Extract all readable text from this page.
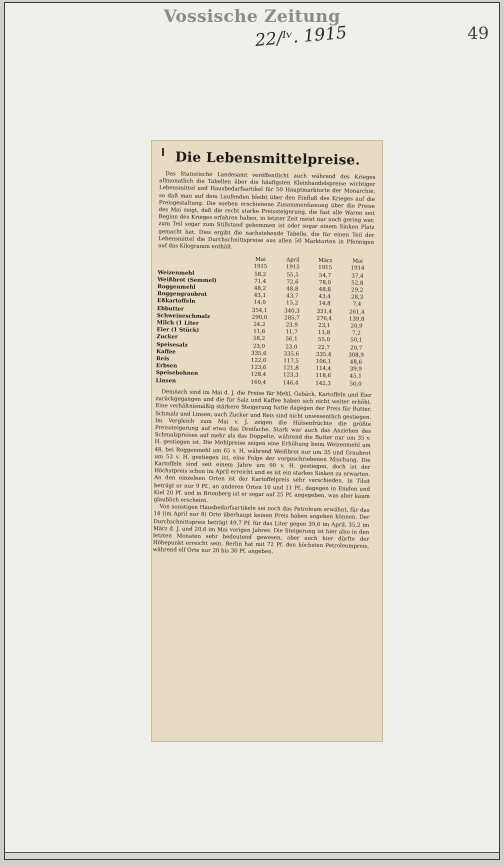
Vossische Zeitung
22/ᴵᵛ. 1915	49
Die Lebensmittelpreise.

Das Statistische Landesamt veröffentlicht auch während des Krieges allmonatlich die Tabellen über die häufigsten Kleinhandelspreise wichtiger Lebensmittel und Hausbedarfsartikel für 50 Hauptmarktorte der Monarchie, so daß man auf dem Laufenden bleibt über den Einfluß des Krieges auf die Preisgestaltung. Die soeben erschienene Zusammenfassung über die Preise des Mai zeigt, daß die recht starke Preissteigerung, die fast alle Waren seit Beginn des Krieges erfahren haben, in letzter Zeit meist nur noch gering war, zum Teil sogar zum Stillstand gekommen ist oder sogar einem Sinken Platz gemacht hat. Dies ergibt die nachstehende Tabelle, die für einen Teil der Lebensmittel die Durchschnittspreise aus allen 50 Marktorten in Pfennigen auf das Kilogramm enthält.

	Mai	April	März	Mai
	1915	1915	1915	1914
Weizenmehl	58,2	55,5	54,7	37,4
Weißbrot (Semmel)	71,4	72,6	78,0	52,8
Roggenmehl	48,2	48,8	48,8	29,2
Roggengraubrot	43,1	43,7	43,4	28,3
Eßkartoffeln	14,0	15,2	14,8	7,4
Ebbutter	354,1	340,3	331,4	261,4
Schweineschmalz	290,0	285,7	276,4	139,8
Milch (1 Liter	24,2	23,9	23,1	20,9
Eier (1 Stück)	11,6	11,7	11,8	7,2
Zucker	58,2	56,1	55,0	50,1
Speisesalz	23,0	23,0	22,7	20,7
Kaffee	335,6	335,6	335,4	308,9
Reis	122,0	117,5	106,1	48,6
Erbsen	123,6	121,8	114,4	39,9
Speisebohnen	128,4	123,3	118,6	45,1
Linsen	160,4	146,4	142,3	50,0

Demnach sind im Mai d. J. die Preise für Mehl, Gebäck, Kartoffeln und Eier zurückgegangen und die für Salz und Kaffee haben sich nicht weiter erhöht. Eine verhältnismäßig stärkere Steigerung hatte dagegen der Preis für Butter, Schmalz und Linsen; auch Zucker und Reis sind nicht unwesentlich gestiegen. Im Vergleich zum Mai v. J. zeigen die Hülsenfrüchte die größte Preissteigerung auf etwa das Dreifache. Stark war auch das Anziehen des Schmalzpreises auf mehr als das Doppelte, während die Butter nur um 35 v. H. gestiegen ist. Die Mehlpreise zeigen eine Erhöhung beim Weizenmehl um 48, bei Roggenmehl um 65 v. H. während Weißbrot nur um 35 und Graubrot um 53 v. H. gestiegen ist, eine Folge der vorgeschriebenen Mischung. Die Kartoffeln sind seit einem Jahre um 90 v. H. gestiegen, doch ist der Höchstpreis schon im April erreicht und es ist ein starkes Sinken zu erwarten. An den einzelnen Orten ist der Kartoffelpreis sehr verschieden. In Tilsit beträgt er nur 9 Pf., an anderen Orten 10 und 11 Pf., dagegen in Emden und Kiel 20 Pf. und in Bromberg ist er sogar auf 25 Pf. angegeben, was aber kaum glaublich erscheint.

Von sonstigen Hausbedarfsartikeln sei noch das Petroleum erwähnt, für das 14 (im April nur 8) Orte überhaupt keinen Preis haben angeben können. Der Durchschnittspreis beträgt 49,7 Pf. für das Liter gegen 39,6 im April, 35,2 im März d. J. und 20,6 im Mai vorigen Jahres. Die Steigerung ist hier also in den letzten Monaten sehr bedeutend gewesen, aber auch hier dürfte der Höhepunkt erreicht sein. Berlin hat mit 72 Pf. den höchsten Petroleumpreis, während elf Orte nur 20 bis 30 Pf. angeben.
